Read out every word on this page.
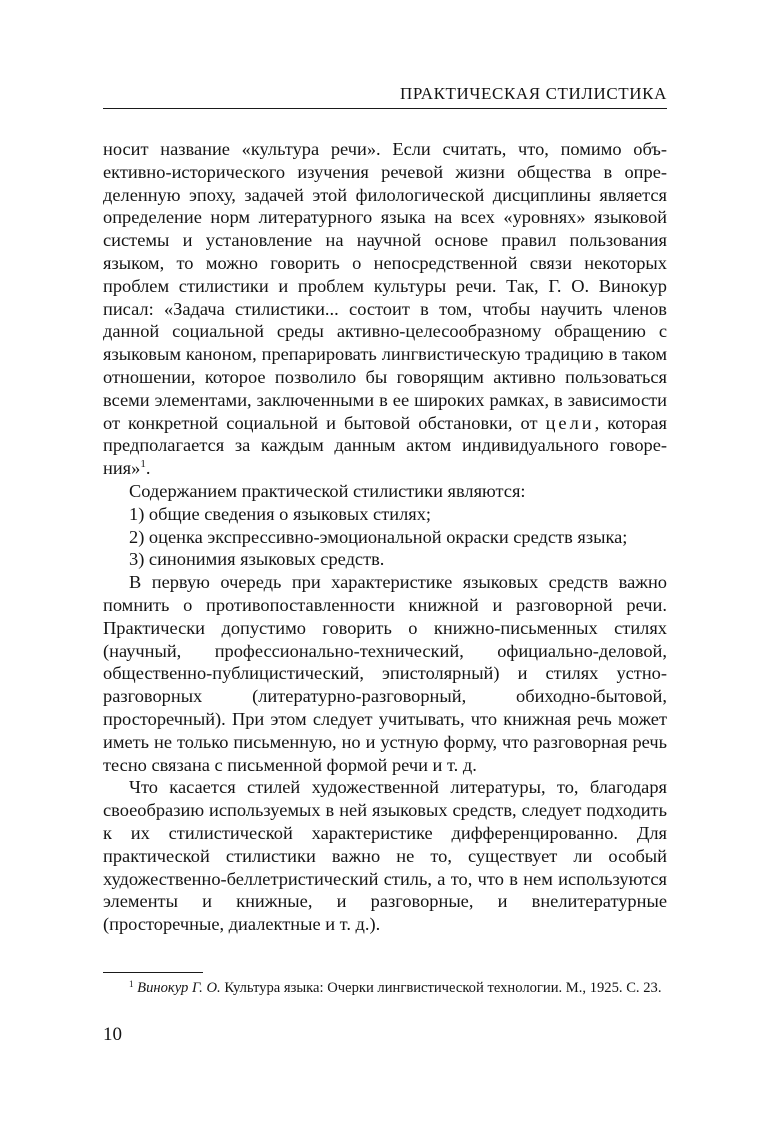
ПРАКТИЧЕСКАЯ СТИЛИСТИКА

носит название «культура речи». Если считать, что, помимо объективно-исторического изучения речевой жизни общества в определенную эпоху, задачей этой филологической дисциплины является определение норм литературного языка на всех «уровнях» языковой системы и установление на научной основе правил пользования языком, то можно говорить о непосредственной связи некоторых проблем стилистики и проблем культуры речи. Так, Г. О. Винокур писал: «Задача стилистики... состоит в том, чтобы научить членов данной социальной среды активно-целесообразному обращению с языковым каноном, препарировать лингвистическую традицию в таком отношении, которое позволило бы говорящим активно пользоваться всеми элементами, заключенными в ее широких рамках, в зависимости от конкретной социальной и бытовой обстановки, от цели, которая предполагается за каждым данным актом индивидуального говорения»$^1$.

Содержанием практической стилистики являются:

1) общие сведения о языковых стилях;

2) оценка экспрессивно-эмоциональной окраски средств языка;

3) синонимия языковых средств.

В первую очередь при характеристике языковых средств важно помнить о противопоставленности книжной и разговорной речи. Практически допустимо говорить о книжно-письменных стилях (научный, профессионально-технический, официально-деловой, общественно-публицистический, эпистолярный) и стилях устно-разговорных (литературно-разговорный, обиходно-бытовой, просторечный). При этом следует учитывать, что книжная речь может иметь не только письменную, но и устную форму, что разговорная речь тесно связана с письменной формой речи и т. д.

Что касается стилей художественной литературы, то, благодаря своеобразию используемых в ней языковых средств, следует подходить к их стилистической характеристике дифференцированно. Для практической стилистики важно не то, существует ли особый художественно-беллетристический стиль, а то, что в нем используются элементы и книжные, и разговорные, и внелитературные (просторечные, диалектные и т. д.).

$^1$ Винокур Г. О. Культура языка: Очерки лингвистической технологии. М., 1925. С. 23.
10
